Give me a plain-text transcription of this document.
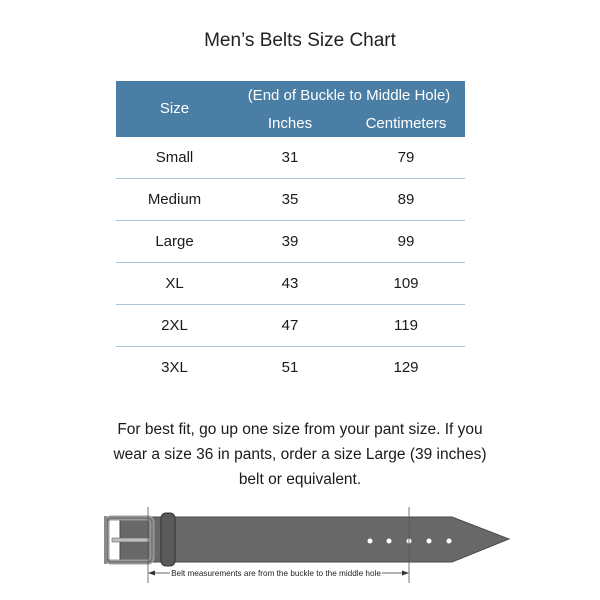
Men’s Belts Size Chart
Size
(End of Buckle to Middle Hole)
Inches	Centimeters
Small	31	79
Medium	35	89
Large	39	99
XL	43	109
2XL	47	119
3XL	51	129
For best fit, go up one size from your pant size. If you wear a size 36 in pants, order a size Large (39 inches) belt or equivalent.
Belt measurements are from the buckle to the middle hole
